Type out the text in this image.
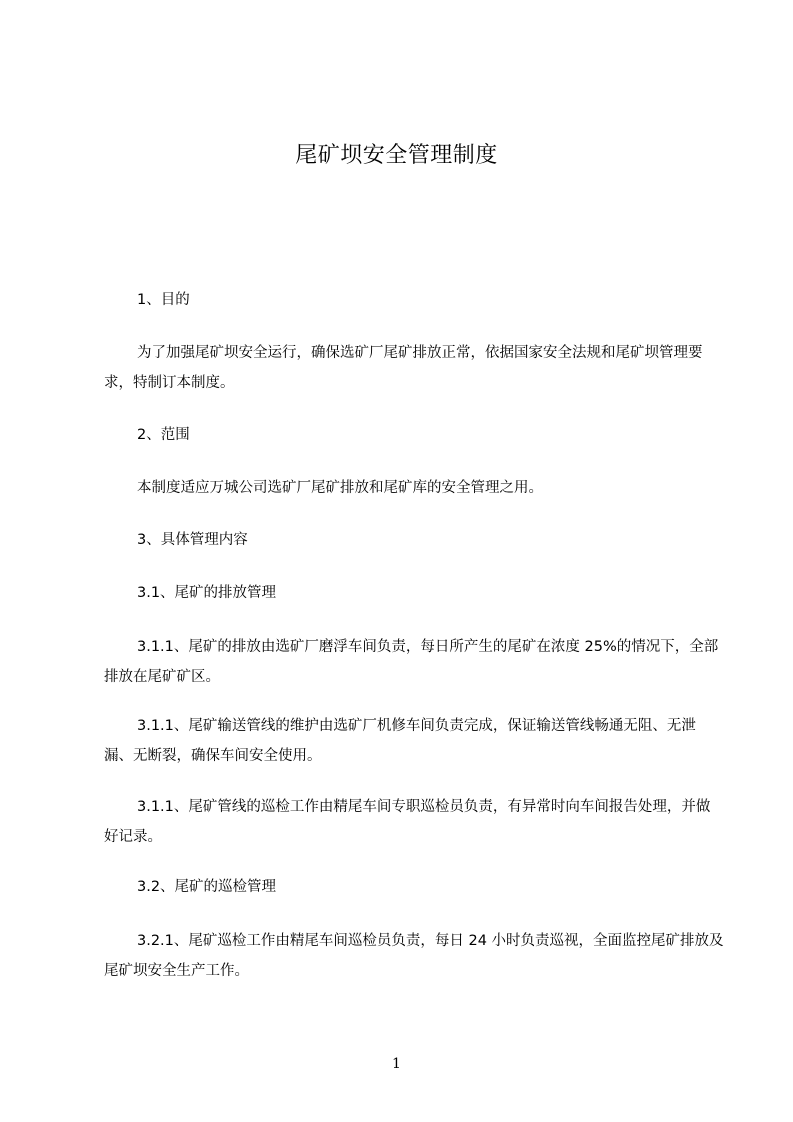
尾矿坝安全管理制度
1、目的
为了加强尾矿坝安全运行，确保选矿厂尾矿排放正常，依据国家安全法规和尾矿坝管理要求，特制订本制度。
2、范围
本制度适应万城公司选矿厂尾矿排放和尾矿库的安全管理之用。
3、具体管理内容
3.1、尾矿的排放管理
3.1.1、尾矿的排放由选矿厂磨浮车间负责，每日所产生的尾矿在浓度 25%的情况下，全部排放在尾矿矿区。
3.1.1、尾矿输送管线的维护由选矿厂机修车间负责完成，保证输送管线畅通无阻、无泄漏、无断裂，确保车间安全使用。
3.1.1、尾矿管线的巡检工作由精尾车间专职巡检员负责，有异常时向车间报告处理，并做好记录。
3.2、尾矿的巡检管理
3.2.1、尾矿巡检工作由精尾车间巡检员负责，每日 24 小时负责巡视，全面监控尾矿排放及尾矿坝安全生产工作。
1
